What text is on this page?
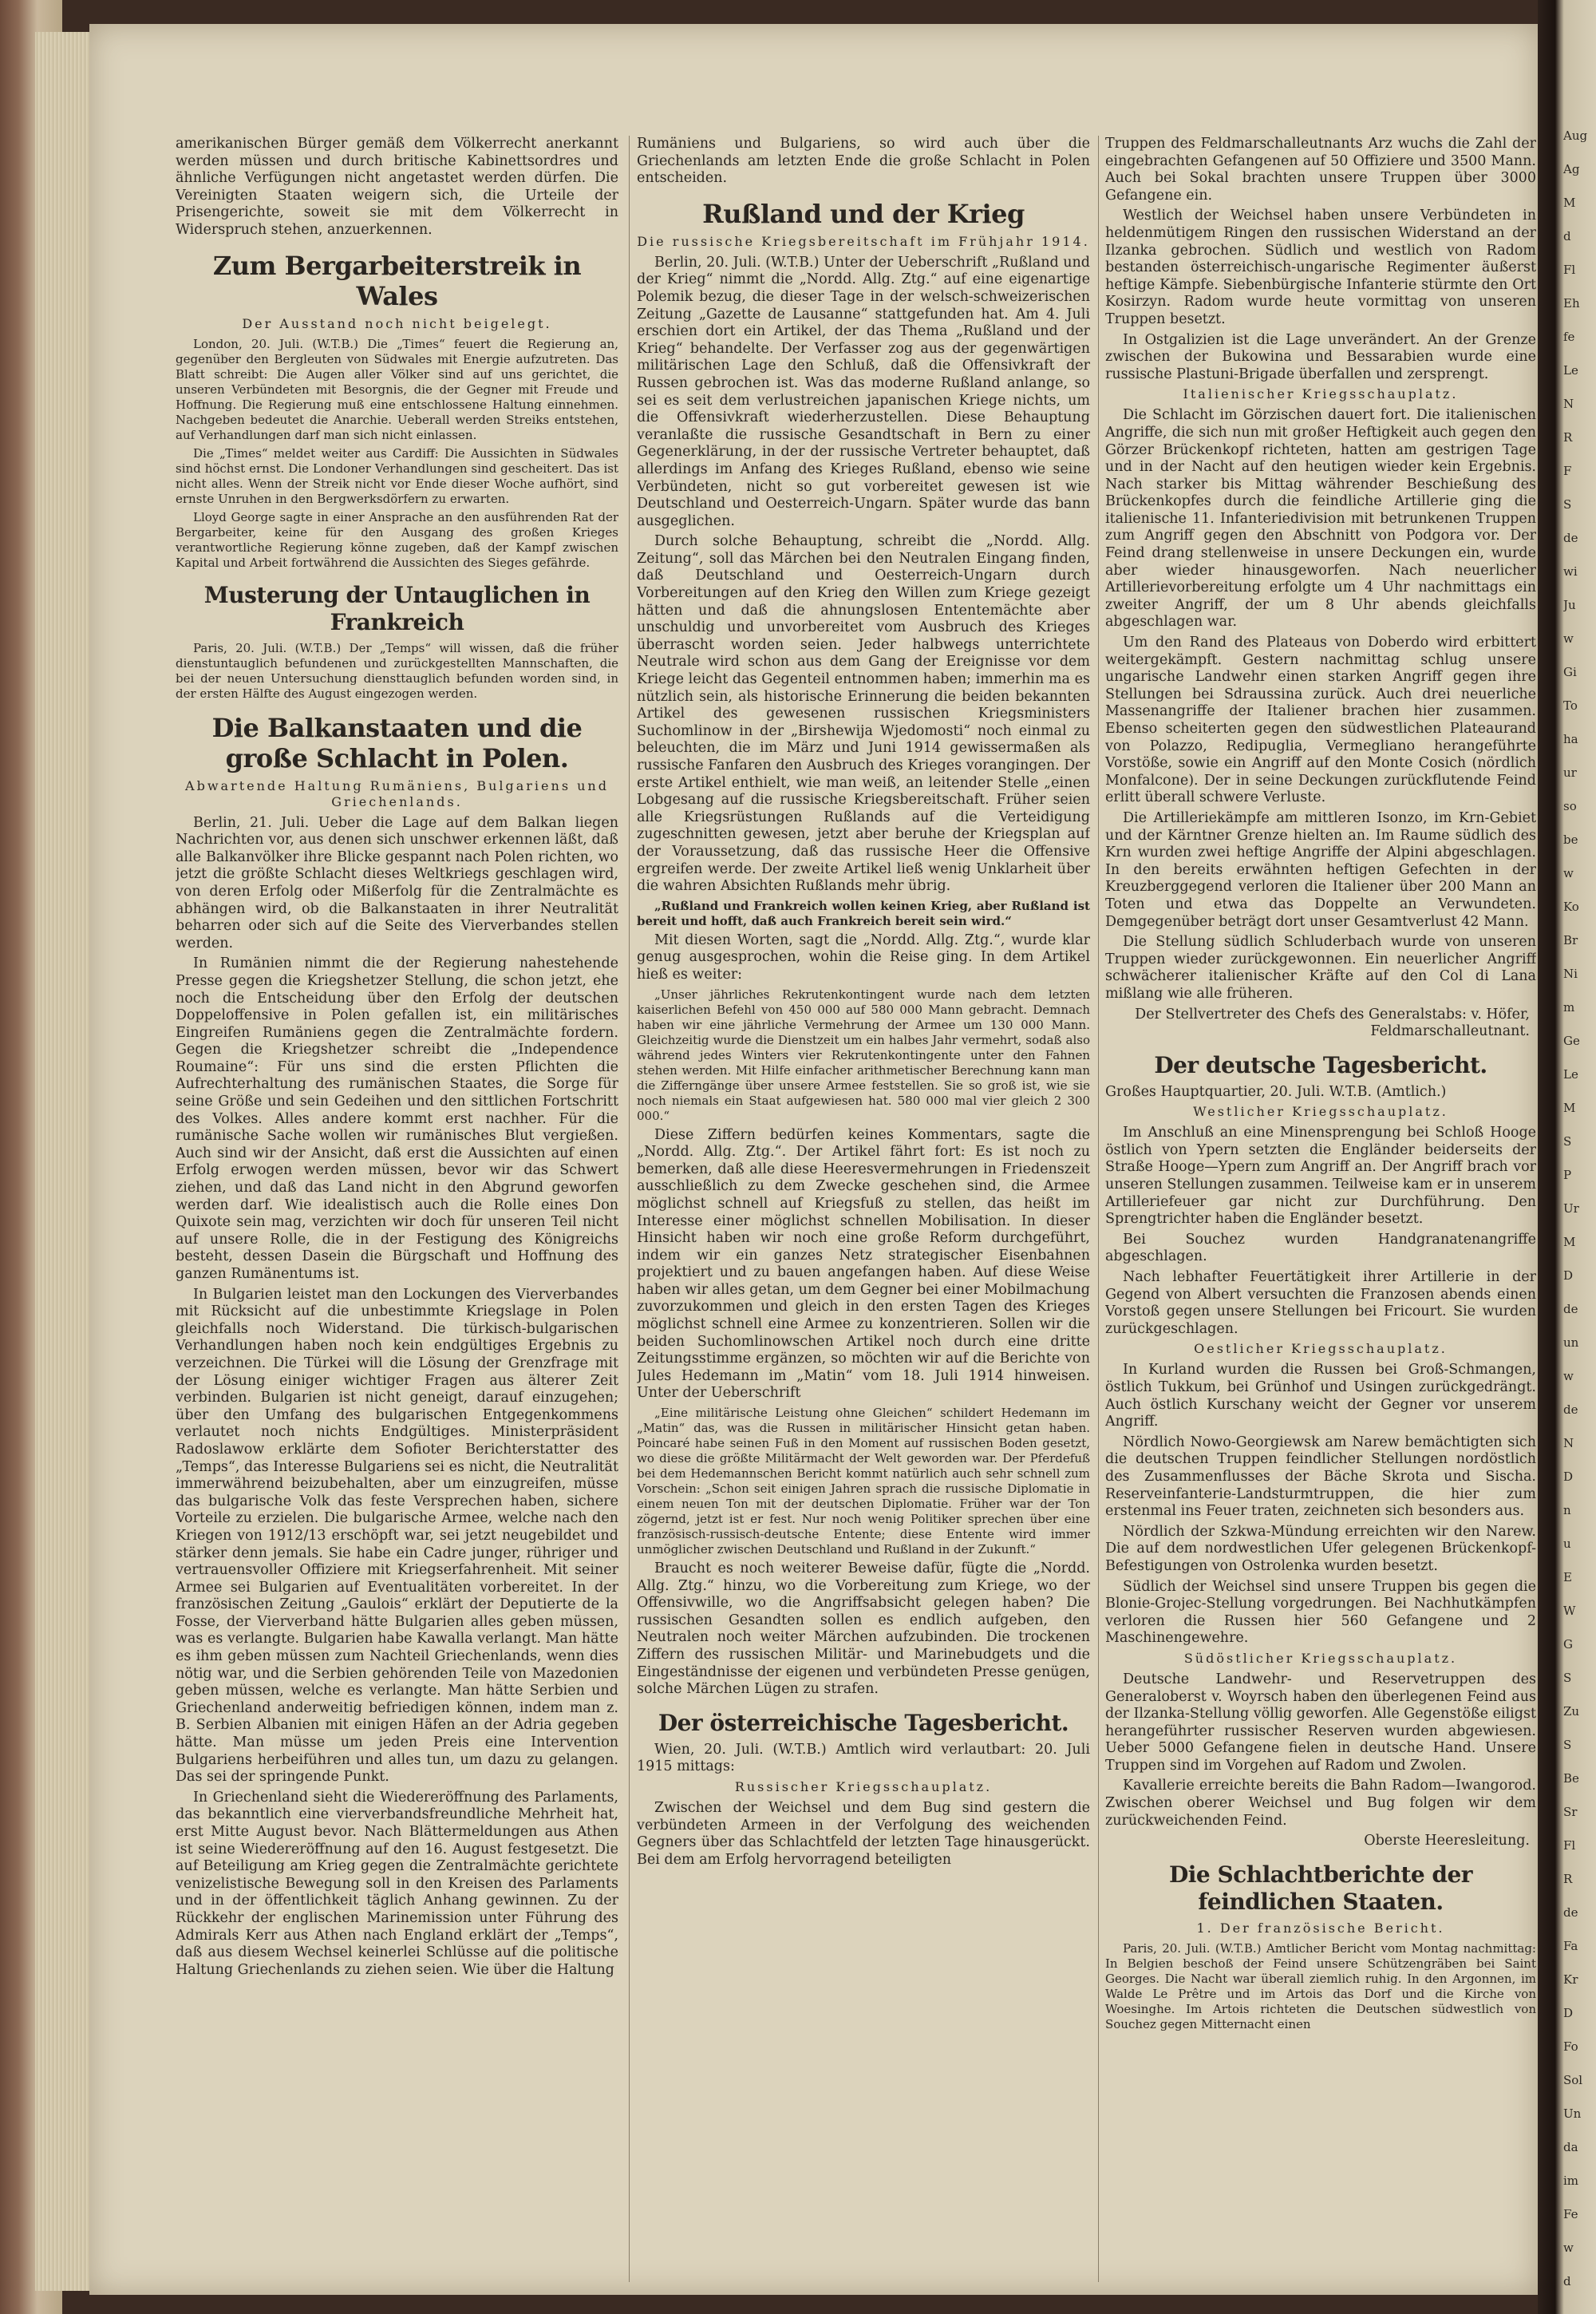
amerikanischen Bürger gemäß dem Völkerrecht anerkannt werden müssen und durch britische Kabinettsordres und ähnliche Verfügungen nicht angetastet werden dürfen. Die Vereinigten Staaten weigern sich, die Urteile der Prisengerichte, soweit sie mit dem Völkerrecht in Widerspruch stehen, anzuerkennen.

Zum Bergarbeiterstreik in Wales
Der Ausstand noch nicht beigelegt.

London, 20. Juli. (W.T.B.) Die „Times“ feuert die Regierung an, gegenüber den Bergleuten von Südwales mit Energie aufzutreten. Das Blatt schreibt: Die Augen aller Völker sind auf uns gerichtet, die unseren Verbündeten mit Besorgnis, die der Gegner mit Freude und Hoffnung. Die Regierung muß eine entschlossene Haltung einnehmen. Nachgeben bedeutet die Anarchie. Ueberall werden Streiks entstehen, auf Verhandlungen darf man sich nicht einlassen.

Die „Times“ meldet weiter aus Cardiff: Die Aussichten in Südwales sind höchst ernst. Die Londoner Verhandlungen sind gescheitert. Das ist nicht alles. Wenn der Streik nicht vor Ende dieser Woche aufhört, sind ernste Unruhen in den Bergwerksdörfern zu erwarten.

Lloyd George sagte in einer Ansprache an den ausführenden Rat der Bergarbeiter, keine für den Ausgang des großen Krieges verantwortliche Regierung könne zugeben, daß der Kampf zwischen Kapital und Arbeit fortwährend die Aussichten des Sieges gefährde.

Musterung der Untauglichen in Frankreich

Paris, 20. Juli. (W.T.B.) Der „Temps“ will wissen, daß die früher dienstuntauglich befundenen und zurückgestellten Mannschaften, die bei der neuen Untersuchung diensttauglich befunden worden sind, in der ersten Hälfte des August eingezogen werden.

Die Balkanstaaten und die große Schlacht in Polen.
Abwartende Haltung Rumäniens, Bulgariens und Griechenlands.

Berlin, 21. Juli. Ueber die Lage auf dem Balkan liegen Nachrichten vor, aus denen sich unschwer erkennen läßt, daß alle Balkanvölker ihre Blicke gespannt nach Polen richten, wo jetzt die größte Schlacht dieses Weltkriegs geschlagen wird, von deren Erfolg oder Mißerfolg für die Zentralmächte es abhängen wird, ob die Balkanstaaten in ihrer Neutralität beharren oder sich auf die Seite des Vierverbandes stellen werden.

In Rumänien nimmt die der Regierung nahestehende Presse gegen die Kriegshetzer Stellung, die schon jetzt, ehe noch die Entscheidung über den Erfolg der deutschen Doppeloffensive in Polen gefallen ist, ein militärisches Eingreifen Rumäniens gegen die Zentralmächte fordern. Gegen die Kriegshetzer schreibt die „Independence Roumaine“: Für uns sind die ersten Pflichten die Aufrechterhaltung des rumänischen Staates, die Sorge für seine Größe und sein Gedeihen und den sittlichen Fortschritt des Volkes. Alles andere kommt erst nachher. Für die rumänische Sache wollen wir rumänisches Blut vergießen. Auch sind wir der Ansicht, daß erst die Aussichten auf einen Erfolg erwogen werden müssen, bevor wir das Schwert ziehen, und daß das Land nicht in den Abgrund geworfen werden darf. Wie idealistisch auch die Rolle eines Don Quixote sein mag, verzichten wir doch für unseren Teil nicht auf unsere Rolle, die in der Festigung des Königreichs besteht, dessen Dasein die Bürgschaft und Hoffnung des ganzen Rumänentums ist.

In Bulgarien leistet man den Lockungen des Vierverbandes mit Rücksicht auf die unbestimmte Kriegslage in Polen gleichfalls noch Widerstand. Die türkisch-bulgarischen Verhandlungen haben noch kein endgültiges Ergebnis zu verzeichnen. Die Türkei will die Lösung der Grenzfrage mit der Lösung einiger wichtiger Fragen aus älterer Zeit verbinden. Bulgarien ist nicht geneigt, darauf einzugehen; über den Umfang des bulgarischen Entgegenkommens verlautet noch nichts Endgültiges. Ministerpräsident Radoslawow erklärte dem Sofioter Berichterstatter des „Temps“, das Interesse Bulgariens sei es nicht, die Neutralität immerwährend beizubehalten, aber um einzugreifen, müsse das bulgarische Volk das feste Versprechen haben, sichere Vorteile zu erzielen. Die bulgarische Armee, welche nach den Kriegen von 1912/13 erschöpft war, sei jetzt neugebildet und stärker denn jemals. Sie habe ein Cadre junger, rühriger und vertrauensvoller Offiziere mit Kriegserfahrenheit. Mit seiner Armee sei Bulgarien auf Eventualitäten vorbereitet. In der französischen Zeitung „Gaulois“ erklärt der Deputierte de la Fosse, der Vierverband hätte Bulgarien alles geben müssen, was es verlangte. Bulgarien habe Kawalla verlangt. Man hätte es ihm geben müssen zum Nachteil Griechenlands, wenn dies nötig war, und die Serbien gehörenden Teile von Mazedonien geben müssen, welche es verlangte. Man hätte Serbien und Griechenland anderweitig befriedigen können, indem man z. B. Serbien Albanien mit einigen Häfen an der Adria gegeben hätte. Man müsse um jeden Preis eine Intervention Bulgariens herbeiführen und alles tun, um dazu zu gelangen. Das sei der springende Punkt.

In Griechenland sieht die Wiedereröffnung des Parlaments, das bekanntlich eine vierverbandsfreundliche Mehrheit hat, erst Mitte August bevor. Nach Blättermeldungen aus Athen ist seine Wiedereröffnung auf den 16. August festgesetzt. Die auf Beteiligung am Krieg gegen die Zentralmächte gerichtete venizelistische Bewegung soll in den Kreisen des Parlaments und in der öffentlichkeit täglich Anhang gewinnen. Zu der Rückkehr der englischen Marinemission unter Führung des Admirals Kerr aus Athen nach England erklärt der „Temps“, daß aus diesem Wechsel keinerlei Schlüsse auf die politische Haltung Griechenlands zu ziehen seien. Wie über die Haltung

Rumäniens und Bulgariens, so wird auch über die Griechenlands am letzten Ende die große Schlacht in Polen entscheiden.

Rußland und der Krieg
Die russische Kriegsbereitschaft im Frühjahr 1914.

Berlin, 20. Juli. (W.T.B.) Unter der Ueberschrift „Rußland und der Krieg“ nimmt die „Nordd. Allg. Ztg.“ auf eine eigenartige Polemik bezug, die dieser Tage in der welsch-schweizerischen Zeitung „Gazette de Lausanne“ stattgefunden hat. Am 4. Juli erschien dort ein Artikel, der das Thema „Rußland und der Krieg“ behandelte. Der Verfasser zog aus der gegenwärtigen militärischen Lage den Schluß, daß die Offensivkraft der Russen gebrochen ist. Was das moderne Rußland anlange, so sei es seit dem verlustreichen japanischen Kriege nichts, um die Offensivkraft wiederherzustellen. Diese Behauptung veranlaßte die russische Gesandtschaft in Bern zu einer Gegenerklärung, in der der russische Vertreter behauptet, daß allerdings im Anfang des Krieges Rußland, ebenso wie seine Verbündeten, nicht so gut vorbereitet gewesen ist wie Deutschland und Oesterreich-Ungarn. Später wurde das bann ausgeglichen.

Durch solche Behauptung, schreibt die „Nordd. Allg. Zeitung“, soll das Märchen bei den Neutralen Eingang finden, daß Deutschland und Oesterreich-Ungarn durch Vorbereitungen auf den Krieg den Willen zum Kriege gezeigt hätten und daß die ahnungslosen Ententemächte aber unschuldig und unvorbereitet vom Ausbruch des Krieges überrascht worden seien. Jeder halbwegs unterrichtete Neutrale wird schon aus dem Gang der Ereignisse vor dem Kriege leicht das Gegenteil entnommen haben; immerhin ma es nützlich sein, als historische Erinnerung die beiden bekannten Artikel des gewesenen russischen Kriegsministers Suchomlinow in der „Birshewija Wjedomosti“ noch einmal zu beleuchten, die im März und Juni 1914 gewissermaßen als russische Fanfaren den Ausbruch des Krieges vorangingen. Der erste Artikel enthielt, wie man weiß, an leitender Stelle „einen Lobgesang auf die russische Kriegsbereitschaft. Früher seien alle Kriegsrüstungen Rußlands auf die Verteidigung zugeschnitten gewesen, jetzt aber beruhe der Kriegsplan auf der Voraussetzung, daß das russische Heer die Offensive ergreifen werde. Der zweite Artikel ließ wenig Unklarheit über die wahren Absichten Rußlands mehr übrig.

„Rußland und Frankreich wollen keinen Krieg, aber Rußland ist bereit und hofft, daß auch Frankreich bereit sein wird.“

Mit diesen Worten, sagt die „Nordd. Allg. Ztg.“, wurde klar genug ausgesprochen, wohin die Reise ging. In dem Artikel hieß es weiter:

„Unser jährliches Rekrutenkontingent wurde nach dem letzten kaiserlichen Befehl von 450 000 auf 580 000 Mann gebracht. Demnach haben wir eine jährliche Vermehrung der Armee um 130 000 Mann. Gleichzeitig wurde die Dienstzeit um ein halbes Jahr vermehrt, sodaß also während jedes Winters vier Rekrutenkontingente unter den Fahnen stehen werden. Mit Hilfe einfacher arithmetischer Berechnung kann man die Zifferngänge über unsere Armee feststellen. Sie so groß ist, wie sie noch niemals ein Staat aufgewiesen hat. 580 000 mal vier gleich 2 300 000.“

Diese Ziffern bedürfen keines Kommentars, sagte die „Nordd. Allg. Ztg.“. Der Artikel fährt fort: Es ist noch zu bemerken, daß alle diese Heeresvermehrungen in Friedenszeit ausschließlich zu dem Zwecke geschehen sind, die Armee möglichst schnell auf Kriegsfuß zu stellen, das heißt im Interesse einer möglichst schnellen Mobilisation. In dieser Hinsicht haben wir noch eine große Reform durchgeführt, indem wir ein ganzes Netz strategischer Eisenbahnen projektiert und zu bauen angefangen haben. Auf diese Weise haben wir alles getan, um dem Gegner bei einer Mobilmachung zuvorzukommen und gleich in den ersten Tagen des Krieges möglichst schnell eine Armee zu konzentrieren. Sollen wir die beiden Suchomlinowschen Artikel noch durch eine dritte Zeitungsstimme ergänzen, so möchten wir auf die Berichte von Jules Hedemann im „Matin“ vom 18. Juli 1914 hinweisen. Unter der Ueberschrift

„Eine militärische Leistung ohne Gleichen“ schildert Hedemann im „Matin“ das, was die Russen in militärischer Hinsicht getan haben. Poincaré habe seinen Fuß in den Moment auf russischen Boden gesetzt, wo diese die größte Militärmacht der Welt geworden war. Der Pferdefuß bei dem Hedemannschen Bericht kommt natürlich auch sehr schnell zum Vorschein: „Schon seit einigen Jahren sprach die russische Diplomatie in einem neuen Ton mit der deutschen Diplomatie. Früher war der Ton zögernd, jetzt ist er fest. Nur noch wenig Politiker sprechen über eine französisch-russisch-deutsche Entente; diese Entente wird immer unmöglicher zwischen Deutschland und Rußland in der Zukunft.“

Braucht es noch weiterer Beweise dafür, fügte die „Nordd. Allg. Ztg.“ hinzu, wo die Vorbereitung zum Kriege, wo der Offensivwille, wo die Angriffsabsicht gelegen haben? Die russischen Gesandten sollen es endlich aufgeben, den Neutralen noch weiter Märchen aufzubinden. Die trockenen Ziffern des russischen Militär- und Marinebudgets und die Eingeständnisse der eigenen und verbündeten Presse genügen, solche Märchen Lügen zu strafen.

Der österreichische Tagesbericht.

Wien, 20. Juli. (W.T.B.) Amtlich wird verlautbart: 20. Juli 1915 mittags:

Russischer Kriegsschauplatz.

Zwischen der Weichsel und dem Bug sind gestern die verbündeten Armeen in der Verfolgung des weichenden Gegners über das Schlachtfeld der letzten Tage hinausgerückt. Bei dem am Erfolg hervorragend beteiligten

Truppen des Feldmarschalleutnants Arz wuchs die Zahl der eingebrachten Gefangenen auf 50 Offiziere und 3500 Mann. Auch bei Sokal brachten unsere Truppen über 3000 Gefangene ein.

Westlich der Weichsel haben unsere Verbündeten in heldenmütigem Ringen den russischen Widerstand an der Ilzanka gebrochen. Südlich und westlich von Radom bestanden österreichisch-ungarische Regimenter äußerst heftige Kämpfe. Siebenbürgische Infanterie stürmte den Ort Kosirzyn. Radom wurde heute vormittag von unseren Truppen besetzt.

In Ostgalizien ist die Lage unverändert. An der Grenze zwischen der Bukowina und Bessarabien wurde eine russische Plastuni-Brigade überfallen und zersprengt.

Italienischer Kriegsschauplatz.

Die Schlacht im Görzischen dauert fort. Die italienischen Angriffe, die sich nun mit großer Heftigkeit auch gegen den Görzer Brückenkopf richteten, hatten am gestrigen Tage und in der Nacht auf den heutigen wieder kein Ergebnis. Nach starker bis Mittag währender Beschießung des Brückenkopfes durch die feindliche Artillerie ging die italienische 11. Infanteriedivision mit betrunkenen Truppen zum Angriff gegen den Abschnitt von Podgora vor. Der Feind drang stellenweise in unsere Deckungen ein, wurde aber wieder hinausgeworfen. Nach neuerlicher Artillerievorbereitung erfolgte um 4 Uhr nachmittags ein zweiter Angriff, der um 8 Uhr abends gleichfalls abgeschlagen war.

Um den Rand des Plateaus von Doberdo wird erbittert weitergekämpft. Gestern nachmittag schlug unsere ungarische Landwehr einen starken Angriff gegen ihre Stellungen bei Sdraussina zurück. Auch drei neuerliche Massenangriffe der Italiener brachen hier zusammen. Ebenso scheiterten gegen den südwestlichen Plateaurand von Polazzo, Redipuglia, Vermegliano herangeführte Vorstöße, sowie ein Angriff auf den Monte Cosich (nördlich Monfalcone). Der in seine Deckungen zurückflutende Feind erlitt überall schwere Verluste.

Die Artilleriekämpfe am mittleren Isonzo, im Krn-Gebiet und der Kärntner Grenze hielten an. Im Raume südlich des Krn wurden zwei heftige Angriffe der Alpini abgeschlagen. In den bereits erwähnten heftigen Gefechten in der Kreuzberggegend verloren die Italiener über 200 Mann an Toten und etwa das Doppelte an Verwundeten. Demgegenüber beträgt dort unser Gesamtverlust 42 Mann.

Die Stellung südlich Schluderbach wurde von unseren Truppen wieder zurückgewonnen. Ein neuerlicher Angriff schwächerer italienischer Kräfte auf den Col di Lana mißlang wie alle früheren.

Der Stellvertreter des Chefs des Generalstabs: v. Höfer, Feldmarschalleutnant.
Der deutsche Tagesbericht.

Großes Hauptquartier, 20. Juli. W.T.B. (Amtlich.)

Westlicher Kriegsschauplatz.

Im Anschluß an eine Minensprengung bei Schloß Hooge östlich von Ypern setzten die Engländer beiderseits der Straße Hooge—Ypern zum Angriff an. Der Angriff brach vor unseren Stellungen zusammen. Teilweise kam er in unserem Artilleriefeuer gar nicht zur Durchführung. Den Sprengtrichter haben die Engländer besetzt.

Bei Souchez wurden Handgranatenangriffe abgeschlagen.

Nach lebhafter Feuertätigkeit ihrer Artillerie in der Gegend von Albert versuchten die Franzosen abends einen Vorstoß gegen unsere Stellungen bei Fricourt. Sie wurden zurückgeschlagen.

Oestlicher Kriegsschauplatz.

In Kurland wurden die Russen bei Groß-Schmangen, östlich Tukkum, bei Grünhof und Usingen zurückgedrängt. Auch östlich Kurschany weicht der Gegner vor unserem Angriff.

Nördlich Nowo-Georgiewsk am Narew bemächtigten sich die deutschen Truppen feindlicher Stellungen nordöstlich des Zusammenflusses der Bäche Skrota und Sischa. Reserveinfanterie-Landsturmtruppen, die hier zum erstenmal ins Feuer traten, zeichneten sich besonders aus.

Nördlich der Szkwa-Mündung erreichten wir den Narew. Die auf dem nordwestlichen Ufer gelegenen Brückenkopf-Befestigungen von Ostrolenka wurden besetzt.

Südlich der Weichsel sind unsere Truppen bis gegen die Blonie-Grojec-Stellung vorgedrungen. Bei Nachhutkämpfen verloren die Russen hier 560 Gefangene und 2 Maschinengewehre.

Südöstlicher Kriegsschauplatz.

Deutsche Landwehr- und Reservetruppen des Generaloberst v. Woyrsch haben den überlegenen Feind aus der Ilzanka-Stellung völlig geworfen. Alle Gegenstöße eiligst herangeführter russischer Reserven wurden abgewiesen. Ueber 5000 Gefangene fielen in deutsche Hand. Unsere Truppen sind im Vorgehen auf Radom und Zwolen.

Kavallerie erreichte bereits die Bahn Radom—Iwangorod. Zwischen oberer Weichsel und Bug folgen wir dem zurückweichenden Feind.

Oberste Heeresleitung.
Die Schlachtberichte der feindlichen Staaten.
1. Der französische Bericht.

Paris, 20. Juli. (W.T.B.) Amtlicher Bericht vom Montag nachmittag: In Belgien beschoß der Feind unsere Schützengräben bei Saint Georges. Die Nacht war überall ziemlich ruhig. In den Argonnen, im Walde Le Prêtre und im Artois das Dorf und die Kirche von Woesinghe. Im Artois richteten die Deutschen südwestlich von Souchez gegen Mitternacht einen

Aug
Ag
M
d
Fl
Eh
fe
Le
N
R
F
S
de
wi
Ju
w
Gi
To
ha
ur
so
be
w
Ko
Br
Ni
m
Ge
Le
M
S
P
Ur
M
D
de
un
w
de
N
D
n
u
E
W
G
S
Zu
S
Be
Sr
Fl
R
de
Fa
Kr
D
Fo
Sol
Un
da
im
Fe
w
d
